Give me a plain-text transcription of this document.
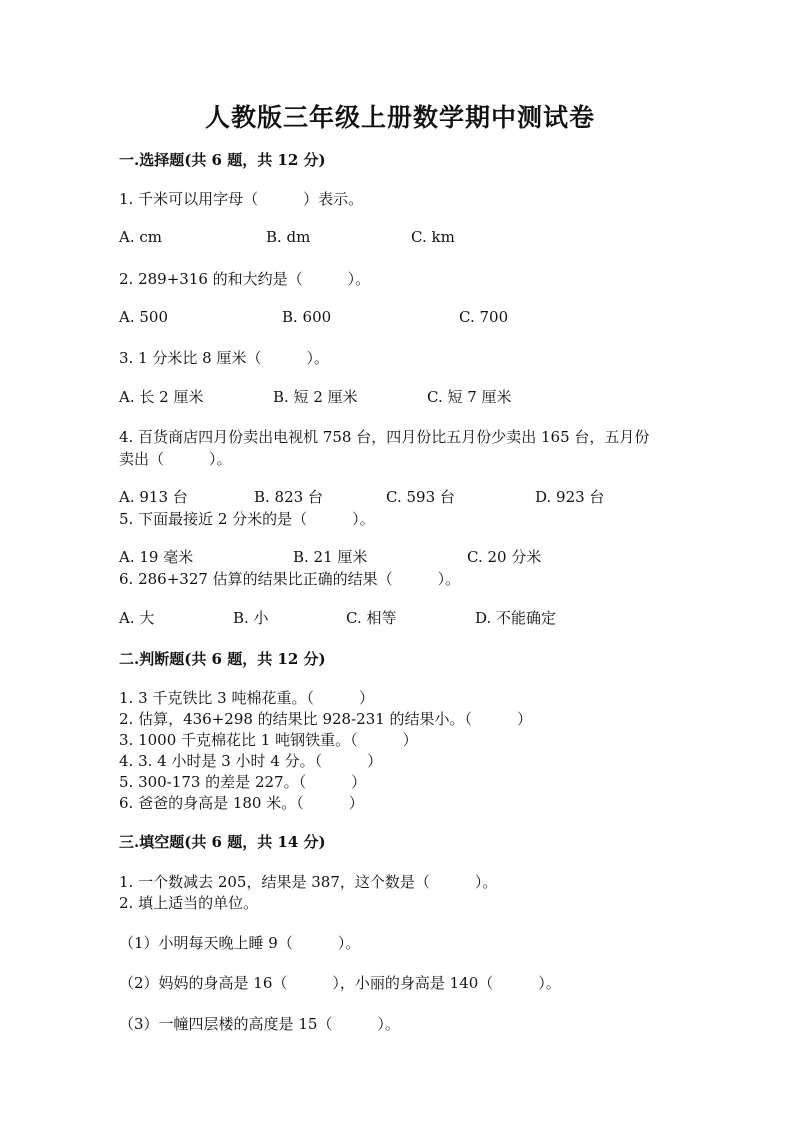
人教版三年级上册数学期中测试卷
一.选择题(共 6 题，共 12 分)
1. 千米可以用字母（　　　）表示。
A. cm	B. dm	C. km
2. 289+316 的和大约是（　　　）。
A. 500	B. 600	C. 700
3. 1 分米比 8 厘米（　　　）。
A. 长 2 厘米	B. 短 2 厘米	C. 短 7 厘米
4. 百货商店四月份卖出电视机 758 台，四月份比五月份少卖出 165 台，五月份
卖出（　　　）。
A. 913 台	B. 823 台	C. 593 台	D. 923 台
5. 下面最接近 2 分米的是（　　　）。
A. 19 毫米	B. 21 厘米	C. 20 分米
6. 286+327 估算的结果比正确的结果（　　　）。
A. 大	B. 小	C. 相等	D. 不能确定
二.判断题(共 6 题，共 12 分)
1. 3 千克铁比 3 吨棉花重。（　　　）
2. 估算，436+298 的结果比 928-231 的结果小。（　　　）
3. 1000 千克棉花比 1 吨钢铁重。（　　　）
4. 3. 4 小时是 3 小时 4 分。（　　　）
5. 300-173 的差是 227。（　　　）
6. 爸爸的身高是 180 米。（　　　）
三.填空题(共 6 题，共 14 分)
1. 一个数减去 205，结果是 387，这个数是（　　　）。
2. 填上适当的单位。
（1）小明每天晚上睡 9（　　　）。
（2）妈妈的身高是 16（　　　），小丽的身高是 140（　　　）。
（3）一幢四层楼的高度是 15（　　　）。
